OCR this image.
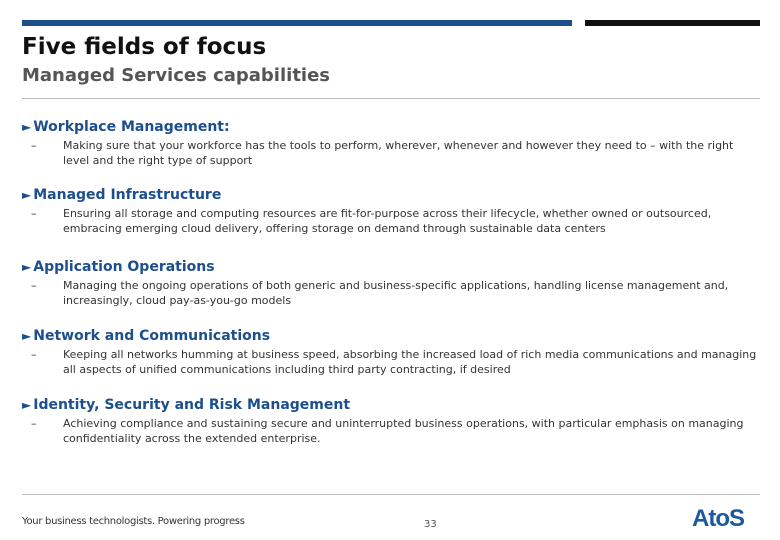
Five fields of focus
Managed Services capabilities
► Workplace Management:
–	Making sure that your workforce has the tools to perform, wherever, whenever and however they need to – with the right level and the right type of support
► Managed Infrastructure
–	Ensuring all storage and computing resources are fit-for-purpose across their lifecycle, whether owned or outsourced, embracing emerging cloud delivery, offering storage on demand through sustainable data centers
► Application Operations
–	Managing the ongoing operations of both generic and business-specific applications, handling license management and, increasingly, cloud pay-as-you-go models
► Network and Communications
–	Keeping all networks humming at business speed, absorbing the increased load of rich media communications and managing all aspects of unified communications including third party contracting, if desired
► Identity, Security and Risk Management
–	Achieving compliance and sustaining secure and uninterrupted business operations, with particular emphasis on managing confidentiality across the extended enterprise.
Your business technologists. Powering progress	33	AtoS
